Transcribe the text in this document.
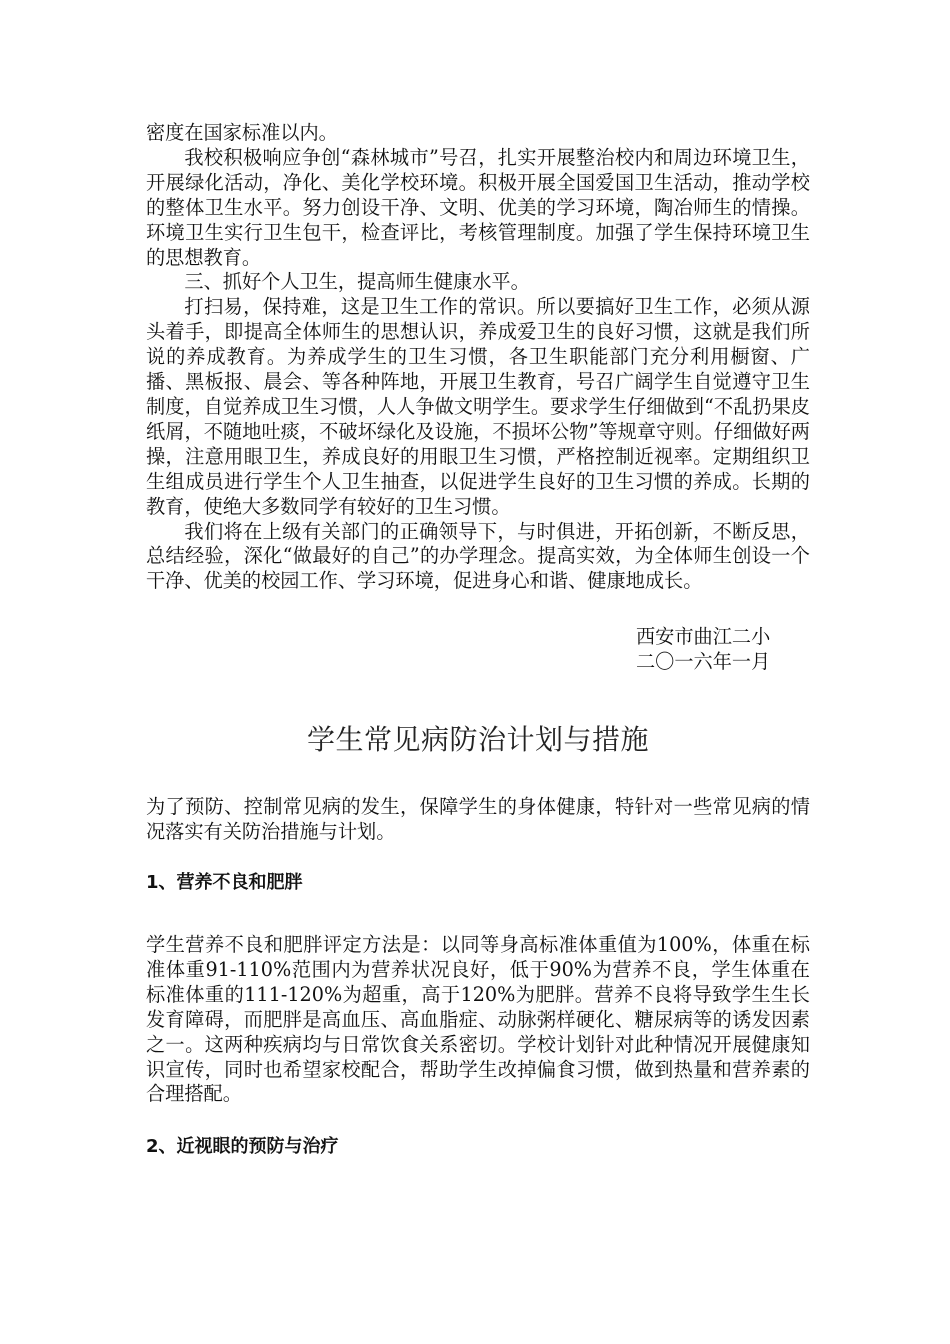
密度在国家标准以内。

我校积极响应争创“森林城市”号召，扎实开展整治校内和周边环境卫生，开展绿化活动，净化、美化学校环境。积极开展全国爱国卫生活动，推动学校的整体卫生水平。努力创设干净、文明、优美的学习环境，陶冶师生的情操。环境卫生实行卫生包干，检查评比，考核管理制度。加强了学生保持环境卫生的思想教育。

三、抓好个人卫生，提高师生健康水平。

打扫易，保持难，这是卫生工作的常识。所以要搞好卫生工作，必须从源头着手，即提高全体师生的思想认识，养成爱卫生的良好习惯，这就是我们所说的养成教育。为养成学生的卫生习惯，各卫生职能部门充分利用橱窗、广播、黑板报、晨会、等各种阵地，开展卫生教育，号召广阔学生自觉遵守卫生制度，自觉养成卫生习惯，人人争做文明学生。要求学生仔细做到“不乱扔果皮纸屑，不随地吐痰，不破坏绿化及设施，不损坏公物”等规章守则。仔细做好两操，注意用眼卫生，养成良好的用眼卫生习惯，严格控制近视率。定期组织卫生组成员进行学生个人卫生抽查，以促进学生良好的卫生习惯的养成。长期的教育，使绝大多数同学有较好的卫生习惯。

我们将在上级有关部门的正确领导下，与时俱进，开拓创新，不断反思，总结经验，深化“做最好的自己”的办学理念。提高实效，为全体师生创设一个干净、优美的校园工作、学习环境，促进身心和谐、健康地成长。

西安市曲江二小
二〇一六年一月
学生常见病防治计划与措施

为了预防、控制常见病的发生，保障学生的身体健康，特针对一些常见病的情况落实有关防治措施与计划。

1、营养不良和肥胖

学生营养不良和肥胖评定方法是：以同等身高标准体重值为100%，体重在标准体重91-110%范围内为营养状况良好，低于90%为营养不良，学生体重在标准体重的111-120%为超重，高于120%为肥胖。营养不良将导致学生生长发育障碍，而肥胖是高血压、高血脂症、动脉粥样硬化、糖尿病等的诱发因素之一。这两种疾病均与日常饮食关系密切。学校计划针对此种情况开展健康知识宣传，同时也希望家校配合，帮助学生改掉偏食习惯，做到热量和营养素的合理搭配。

2、近视眼的预防与治疗
